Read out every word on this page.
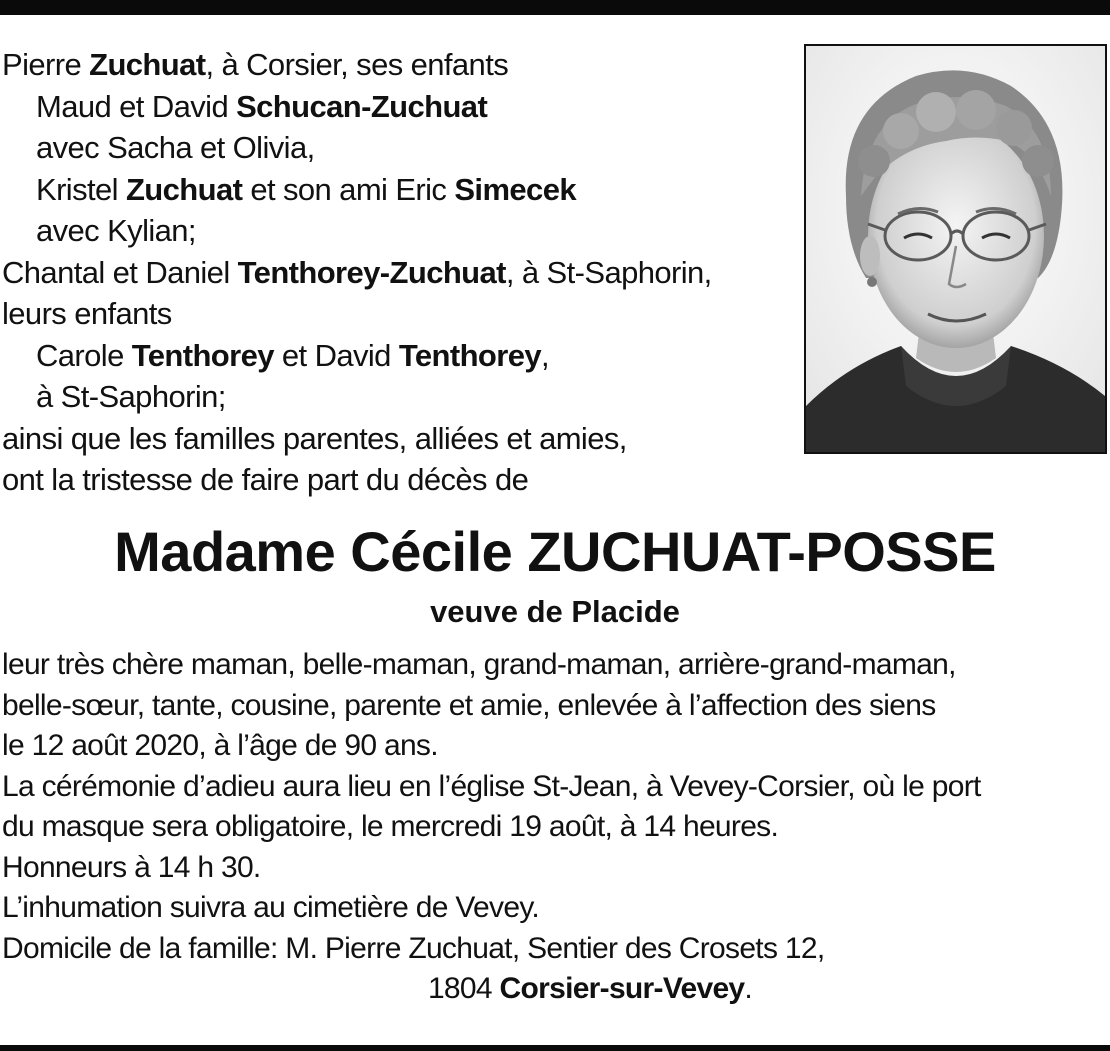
Pierre Zuchuat, à Corsier, ses enfants
Maud et David Schucan-Zuchuat
avec Sacha et Olivia,
Kristel Zuchuat et son ami Eric Simecek
avec Kylian;
Chantal et Daniel Tenthorey-Zuchuat, à St-Saphorin,
leurs enfants
Carole Tenthorey et David Tenthorey,
à St-Saphorin;
ainsi que les familles parentes, alliées et amies,
ont la tristesse de faire part du décès de
Madame Cécile ZUCHUAT-POSSE
veuve de Placide
leur très chère maman, belle-maman, grand-maman, arrière-grand-maman,
belle-sœur, tante, cousine, parente et amie, enlevée à l’affection des siens
le 12 août 2020, à l’âge de 90 ans.
La cérémonie d’adieu aura lieu en l’église St-Jean, à Vevey-Corsier, où le port
du masque sera obligatoire, le mercredi 19 août, à 14 heures.
Honneurs à 14 h 30.
L’inhumation suivra au cimetière de Vevey.
Domicile de la famille: M. Pierre Zuchuat, Sentier des Crosets 12,
1804 Corsier-sur-Vevey.
